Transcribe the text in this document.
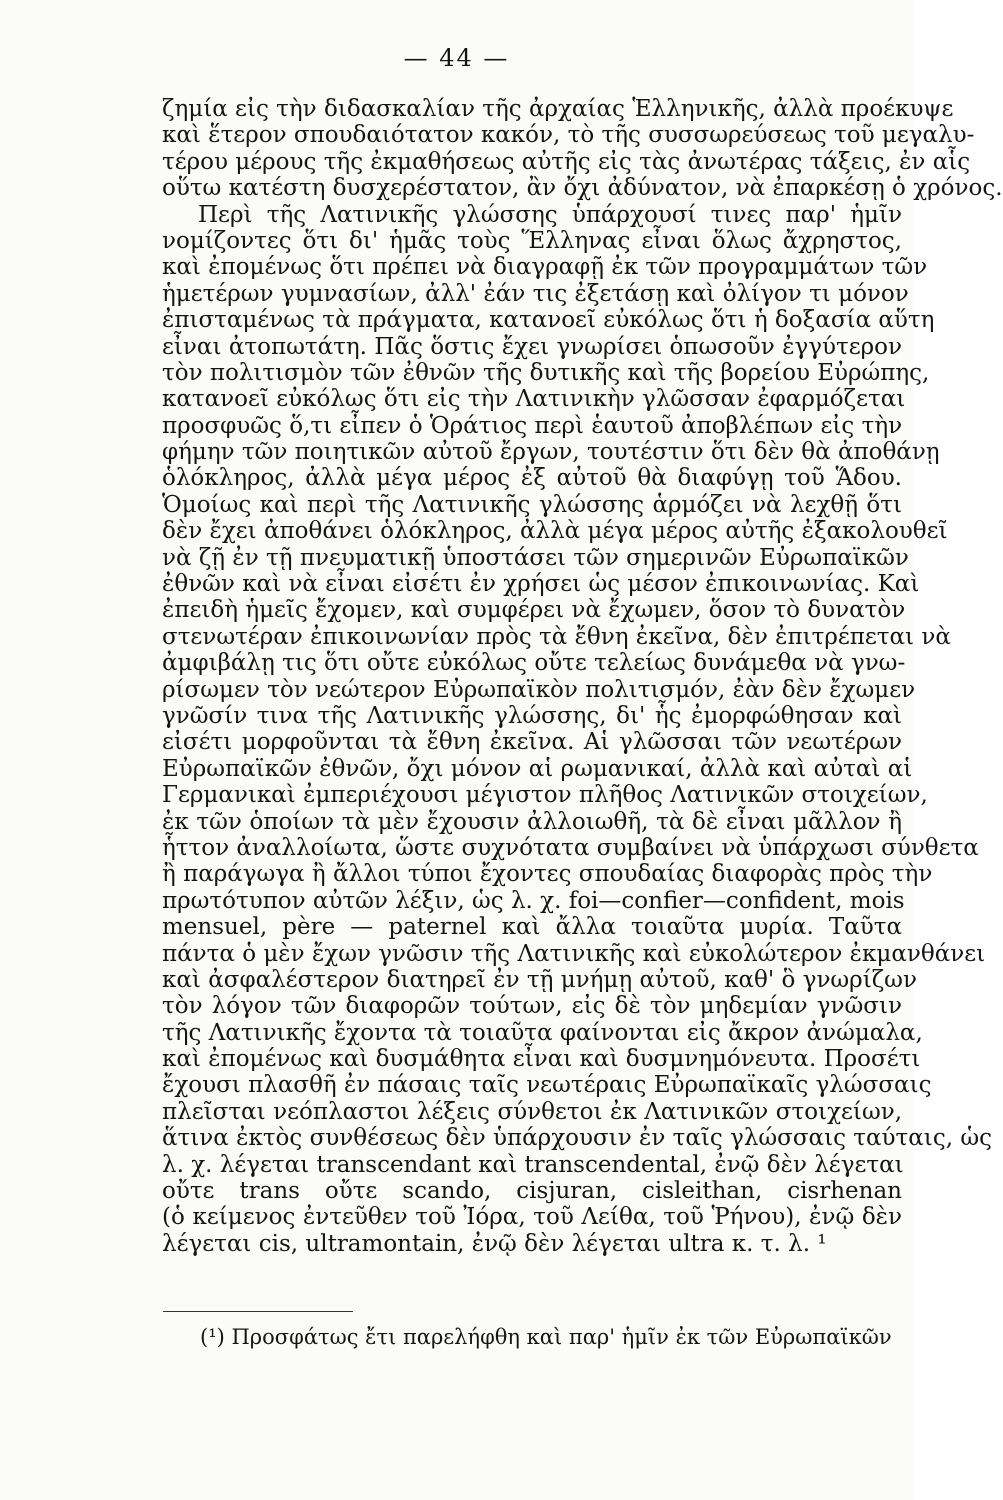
— 44 —
ζημία εἰς τὴν διδασκαλίαν τῆς ἀρχαίας Ἑλληνικῆς, ἀλλὰ προέκυψε
καὶ ἕτερον σπουδαιότατον κακόν, τὸ τῆς συσσωρεύσεως τοῦ μεγαλυ-
τέρου μέρους τῆς ἐκμαθήσεως αὐτῆς εἰς τὰς ἀνωτέρας τάξεις, ἐν αἷς
οὕτω κατέστη δυσχερέστατον, ἂν ὄχι ἀδύνατον, νὰ ἐπαρκέσῃ ὁ χρόνος.
Περὶ τῆς Λατινικῆς γλώσσης ὑπάρχουσί τινες παρ' ἡμῖν
νομίζοντες ὅτι δι' ἡμᾶς τοὺς Ἕλληνας εἶναι ὅλως ἄχρηστος,
καὶ ἐπομένως ὅτι πρέπει νὰ διαγραφῇ ἐκ τῶν προγραμμάτων τῶν
ἡμετέρων γυμνασίων, ἀλλ' ἐάν τις ἐξετάσῃ καὶ ὀλίγον τι μόνον
ἐπισταμένως τὰ πράγματα, κατανοεῖ εὐκόλως ὅτι ἡ δοξασία αὕτη
εἶναι ἀτοπωτάτη. Πᾶς ὅστις ἔχει γνωρίσει ὁπωσοῦν ἐγγύτερον
τὸν πολιτισμὸν τῶν ἐθνῶν τῆς δυτικῆς καὶ τῆς βορείου Εὐρώπης,
κατανοεῖ εὐκόλως ὅτι εἰς τὴν Λατινικὴν γλῶσσαν ἐφαρμόζεται
προσφυῶς ὅ,τι εἶπεν ὁ Ὁράτιος περὶ ἑαυτοῦ ἀποβλέπων εἰς τὴν
φήμην τῶν ποιητικῶν αὐτοῦ ἔργων, τουτέστιν ὅτι δὲν θὰ ἀποθάνῃ
ὁλόκληρος, ἀλλὰ μέγα μέρος ἐξ αὐτοῦ θὰ διαφύγῃ τοῦ Ἅδου.
Ὁμοίως καὶ περὶ τῆς Λατινικῆς γλώσσης ἁρμόζει νὰ λεχθῇ ὅτι
δὲν ἔχει ἀποθάνει ὁλόκληρος, ἀλλὰ μέγα μέρος αὐτῆς ἐξακολουθεῖ
νὰ ζῇ ἐν τῇ πνευματικῇ ὑποστάσει τῶν σημερινῶν Εὐρωπαϊκῶν
ἐθνῶν καὶ νὰ εἶναι εἰσέτι ἐν χρήσει ὡς μέσον ἐπικοινωνίας. Καὶ
ἐπειδὴ ἡμεῖς ἔχομεν, καὶ συμφέρει νὰ ἔχωμεν, ὅσον τὸ δυνατὸν
στενωτέραν ἐπικοινωνίαν πρὸς τὰ ἔθνη ἐκεῖνα, δὲν ἐπιτρέπεται νὰ
ἀμφιβάλῃ τις ὅτι οὔτε εὐκόλως οὔτε τελείως δυνάμεθα νὰ γνω-
ρίσωμεν τὸν νεώτερον Εὐρωπαϊκὸν πολιτισμόν, ἐὰν δὲν ἔχωμεν
γνῶσίν τινα τῆς Λατινικῆς γλώσσης, δι' ἧς ἐμορφώθησαν καὶ
εἰσέτι μορφοῦνται τὰ ἔθνη ἐκεῖνα. Αἱ γλῶσσαι τῶν νεωτέρων
Εὐρωπαϊκῶν ἐθνῶν, ὄχι μόνον αἱ ρωμανικαί, ἀλλὰ καὶ αὐταὶ αἱ
Γερμανικαὶ ἐμπεριέχουσι μέγιστον πλῆθος Λατινικῶν στοιχείων,
ἐκ τῶν ὁποίων τὰ μὲν ἔχουσιν ἀλλοιωθῆ, τὰ δὲ εἶναι μᾶλλον ἢ
ἧττον ἀναλλοίωτα, ὥστε συχνότατα συμβαίνει νὰ ὑπάρχωσι σύνθετα
ἢ παράγωγα ἢ ἄλλοι τύποι ἔχοντες σπουδαίας διαφορὰς πρὸς τὴν
πρωτότυπον αὐτῶν λέξιν, ὡς λ. χ. foi—confier—confident, mois
mensuel, père — paternel καὶ ἄλλα τοιαῦτα μυρία. Ταῦτα
πάντα ὁ μὲν ἔχων γνῶσιν τῆς Λατινικῆς καὶ εὐκολώτερον ἐκμανθάνει
καὶ ἀσφαλέστερον διατηρεῖ ἐν τῇ μνήμῃ αὐτοῦ, καθ' ὃ γνωρίζων
τὸν λόγον τῶν διαφορῶν τούτων, εἰς δὲ τὸν μηδεμίαν γνῶσιν
τῆς Λατινικῆς ἔχοντα τὰ τοιαῦτα φαίνονται εἰς ἄκρον ἀνώμαλα,
καὶ ἐπομένως καὶ δυσμάθητα εἶναι καὶ δυσμνημόνευτα. Προσέτι
ἔχουσι πλασθῆ ἐν πάσαις ταῖς νεωτέραις Εὐρωπαϊκαῖς γλώσσαις
πλεῖσται νεόπλαστοι λέξεις σύνθετοι ἐκ Λατινικῶν στοιχείων,
ἅτινα ἐκτὸς συνθέσεως δὲν ὑπάρχουσιν ἐν ταῖς γλώσσαις ταύταις, ὡς
λ. χ. λέγεται transcendant καὶ transcendental, ἐνῷ δὲν λέγεται
οὔτε trans οὔτε scando, cisjuran, cisleithan, cisrhenan
(ὁ κείμενος ἐντεῦθεν τοῦ Ἰόρα, τοῦ Λείθα, τοῦ Ῥήνου), ἐνῷ δὲν
λέγεται cis, ultramontain, ἐνῷ δὲν λέγεται ultra κ. τ. λ. ¹
(¹) Προσφάτως ἔτι παρελήφθη καὶ παρ' ἡμῖν ἐκ τῶν Εὐρωπαϊκῶν
